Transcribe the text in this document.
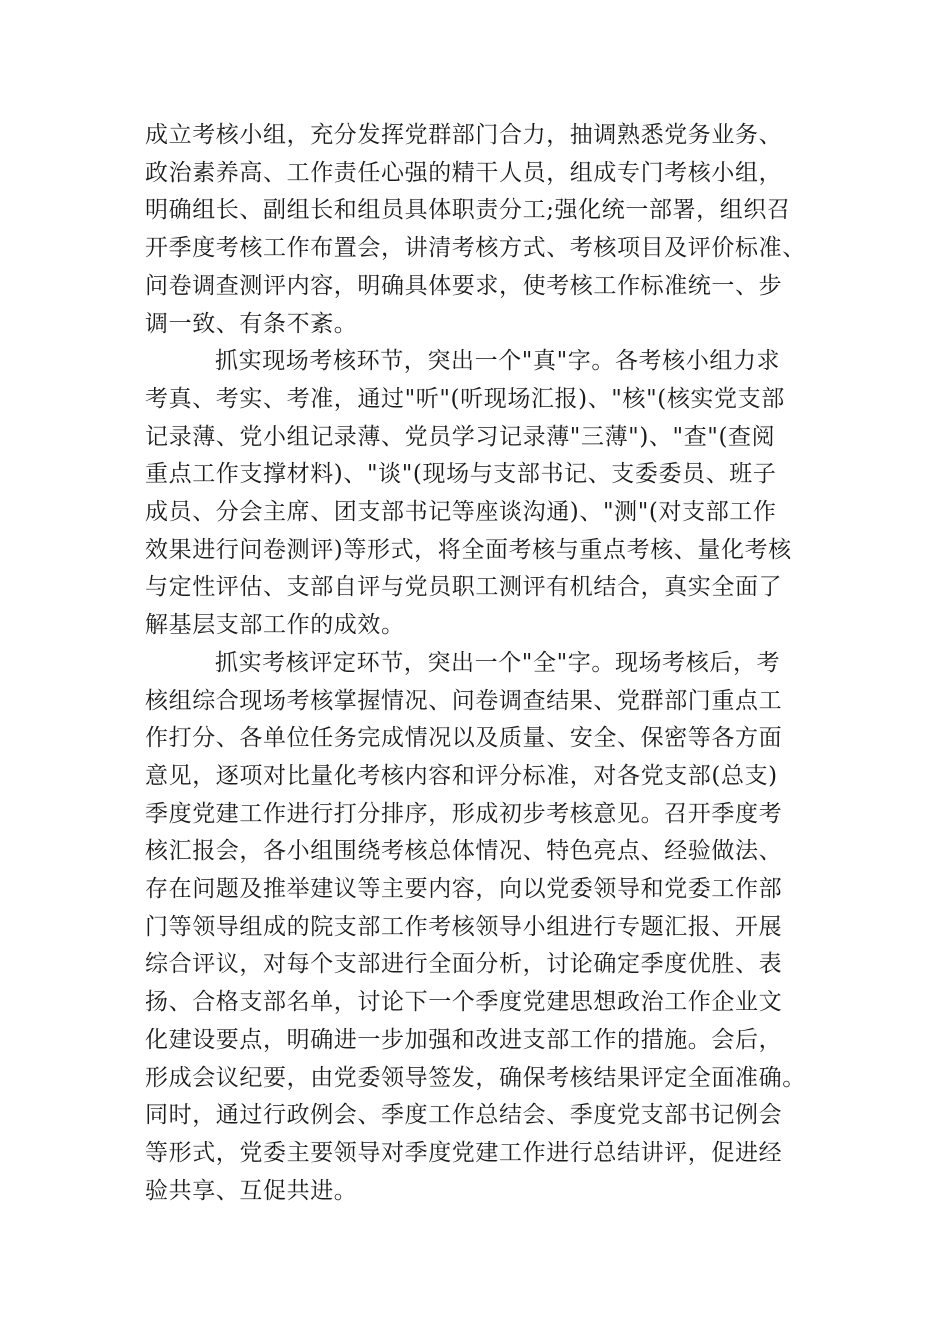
成立考核小组，充分发挥党群部门合力，抽调熟悉党务业务、
政治素养高、工作责任心强的精干人员，组成专门考核小组，
明确组长、副组长和组员具体职责分工;强化统一部署，组织召
开季度考核工作布置会，讲清考核方式、考核项目及评价标准、
问卷调查测评内容，明确具体要求，使考核工作标准统一、步
调一致、有条不紊。
抓实现场考核环节，突出一个"真"字。各考核小组力求
考真、考实、考准，通过"听"(听现场汇报)、"核"(核实党支部
记录薄、党小组记录薄、党员学习记录薄"三薄")、"查"(查阅
重点工作支撑材料)、"谈"(现场与支部书记、支委委员、班子
成员、分会主席、团支部书记等座谈沟通)、"测"(对支部工作
效果进行问卷测评)等形式，将全面考核与重点考核、量化考核
与定性评估、支部自评与党员职工测评有机结合，真实全面了
解基层支部工作的成效。
抓实考核评定环节，突出一个"全"字。现场考核后，考
核组综合现场考核掌握情况、问卷调查结果、党群部门重点工
作打分、各单位任务完成情况以及质量、安全、保密等各方面
意见，逐项对比量化考核内容和评分标准，对各党支部(总支)
季度党建工作进行打分排序，形成初步考核意见。召开季度考
核汇报会，各小组围绕考核总体情况、特色亮点、经验做法、
存在问题及推举建议等主要内容，向以党委领导和党委工作部
门等领导组成的院支部工作考核领导小组进行专题汇报、开展
综合评议，对每个支部进行全面分析，讨论确定季度优胜、表
扬、合格支部名单，讨论下一个季度党建思想政治工作企业文
化建设要点，明确进一步加强和改进支部工作的措施。会后，
形成会议纪要，由党委领导签发，确保考核结果评定全面准确。
同时，通过行政例会、季度工作总结会、季度党支部书记例会
等形式，党委主要领导对季度党建工作进行总结讲评，促进经
验共享、互促共进。
